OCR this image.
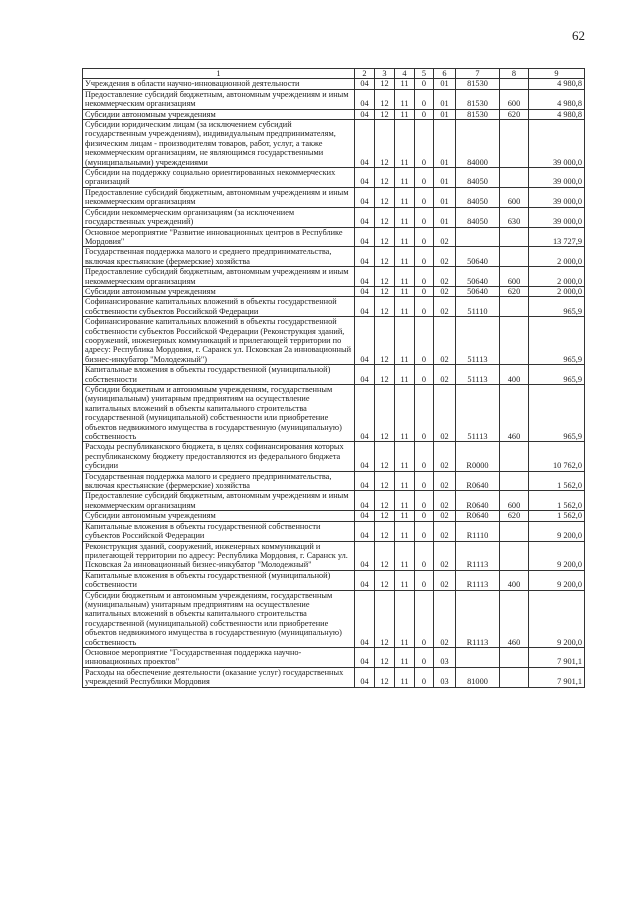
62
1	2	3	4	5	6	7	8	9
Учреждения в области научно-инновационной деятельности	04	12	11	0	01	81530		4 980,8
Предоставление субсидий бюджетным, автономным учреждениям и иным некоммерческим организациям	04	12	11	0	01	81530	600	4 980,8
Субсидии автономным учреждениям	04	12	11	0	01	81530	620	4 980,8
Субсидии юридическим лицам (за исключением субсидий государственным учреждениям), индивидуальным предпринимателям, физическим лицам - производителям товаров, работ, услуг, а также некоммерческим организациям, не являющимся государственными (муниципальными) учреждениями	04	12	11	0	01	84000		39 000,0
Субсидии на поддержку социально ориентированных некоммерческих организаций	04	12	11	0	01	84050		39 000,0
Предоставление субсидий бюджетным, автономным учреждениям и иным некоммерческим организациям	04	12	11	0	01	84050	600	39 000,0
Субсидии некоммерческим организациям (за исключением государственных учреждений)	04	12	11	0	01	84050	630	39 000,0
Основное мероприятие "Развитие инновационных центров в Республике Мордовия"	04	12	11	0	02			13 727,9
Государственная поддержка малого и среднего предпринимательства, включая крестьянские (фермерские) хозяйства	04	12	11	0	02	50640		2 000,0
Предоставление субсидий бюджетным, автономным учреждениям и иным некоммерческим организациям	04	12	11	0	02	50640	600	2 000,0
Субсидии автономным учреждениям	04	12	11	0	02	50640	620	2 000,0
Софинансирование капитальных вложений в объекты государственной собственности субъектов Российской Федерации	04	12	11	0	02	51110		965,9
Софинансирование капитальных вложений в объекты государственной собственности субъектов Российской Федерации (Реконструкция зданий, сооружений, инженерных коммуникаций и прилегающей территории по адресу: Республика Мордовия, г. Саранск ул. Псковская 2а инновационный бизнес-инкубатор "Молодежный")	04	12	11	0	02	51113		965,9
Капитальные вложения в объекты государственной (муниципальной) собственности	04	12	11	0	02	51113	400	965,9
Субсидии бюджетным и автономным учреждениям, государственным (муниципальным) унитарным предприятиям на осуществление капитальных вложений в объекты капитального строительства государственной (муниципальной) собственности или приобретение объектов недвижимого имущества в государственную (муниципальную) собственность	04	12	11	0	02	51113	460	965,9
Расходы республиканского бюджета, в целях софинансирования которых республиканскому бюджету предоставляются из федерального бюджета субсидии	04	12	11	0	02	R0000		10 762,0
Государственная поддержка малого и среднего предпринимательства, включая крестьянские (фермерские) хозяйства	04	12	11	0	02	R0640		1 562,0
Предоставление субсидий бюджетным, автономным учреждениям и иным некоммерческим организациям	04	12	11	0	02	R0640	600	1 562,0
Субсидии автономным учреждениям	04	12	11	0	02	R0640	620	1 562,0
Капитальные вложения в объекты государственной собственности субъектов Российской Федерации	04	12	11	0	02	R1110		9 200,0
Реконструкция зданий, сооружений, инженерных коммуникаций и прилегающей территории по адресу: Республика Мордовия, г. Саранск ул. Псковская 2а инновационный бизнес-инкубатор "Молодежный"	04	12	11	0	02	R1113		9 200,0
Капитальные вложения в объекты государственной (муниципальной) собственности	04	12	11	0	02	R1113	400	9 200,0
Субсидии бюджетным и автономным учреждениям, государственным (муниципальным) унитарным предприятиям на осуществление капитальных вложений в объекты капитального строительства государственной (муниципальной) собственности или приобретение объектов недвижимого имущества в государственную (муниципальную) собственность	04	12	11	0	02	R1113	460	9 200,0
Основное мероприятие "Государственная поддержка научно-инновационных проектов"	04	12	11	0	03			7 901,1
Расходы на обеспечение деятельности (оказание услуг) государственных учреждений Республики Мордовия	04	12	11	0	03	81000		7 901,1
